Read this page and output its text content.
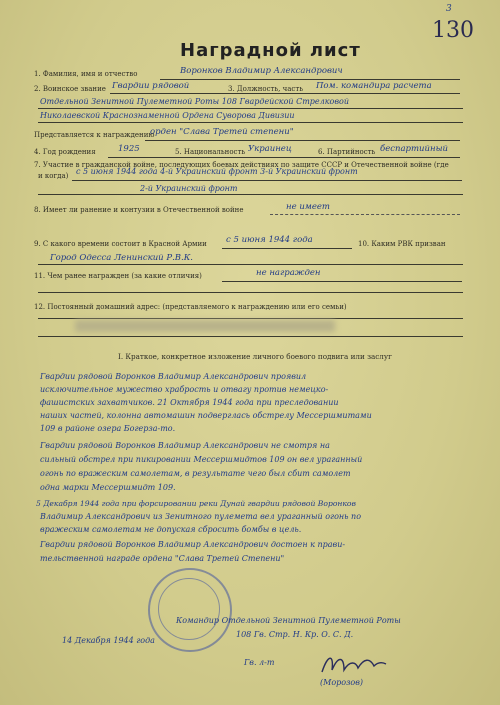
3
130
Наградной лист
1. Фамилия, имя и отчество	Воронков Владимир Александрович
2. Воинское звание Гвардии рядовой	3. Должность, часть Пом. командира расчета
Отдельной Зенитной Пулеметной Роты 108 Гвардейской Стрелковой
Николаевской Краснознаменной Ордена Суворова Дивизии
Представляется к награждению
орден "Слава Третей степени"
4. Год рождения	1925	5. Национальность Украинец	6. Партийность беспартийный
7. Участие в гражданской войне, последующих боевых действиях по защите СССР и Отечественной войне (где
и когда) с 5 июня 1944 года 4-й Украинский фронт 3-й Украинский фронт
2-й Украинский фронт
8. Имеет ли ранение и контузии в Отечественной войне	не имеет
9. С какого времени состоит в Красной Армии с 5 июня 1944 года	10. Каким РВК призван
Город Одесса Ленинский Р.В.К.
11. Чем ранее награжден (за какие отличия)	не награжден
12. Постоянный домашний адрес: (представляемого к награждению или его семьи)
I. Краткое, конкретное изложение личного боевого подвига или заслуг
Гвардии рядовой Воронков Владимир Александрович проявил
исключительное мужество храбрость и отвагу против немецко-
фашистских захватчиков. 21 Октября 1944 года при преследовании
наших частей, колонна автомашин подверглась обстрелу Мессершмитами
109 в районе озера Богерза-то.
Гвардии рядовой Воронков Владимир Александрович не смотря на
сильный обстрел при пикировании Мессершмидтов 109 он вел ураганный
огонь по вражеским самолетам, в результате чего был сбит самолет
одна марки Мессершмидт 109.
5 Декабря 1944 года при форсировании реки Дунай гвардии рядовой Воронков
Владимир Александрович из Зенитного пулемета вел ураганный огонь по
вражеским самолетам не допуская сбросить бомбы в цель.
Гвардии рядовой Воронков Владимир Александрович достоен к прави-
тельственной награде ордена "Слава Третей Степени"
14 Декабря 1944 года
Командир Отдельной Зенитной Пулеметной Роты
108 Гв. Стр. Н. Кр. О. С. Д.
Гв. л-т
(Морозов)
